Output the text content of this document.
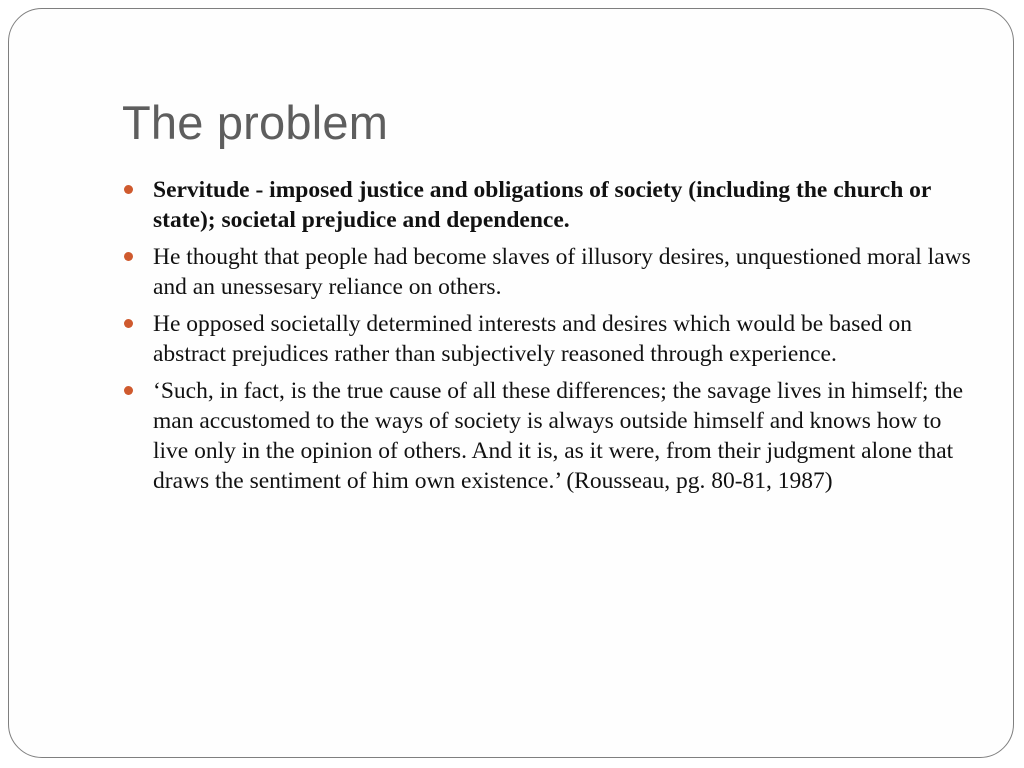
The problem
Servitude - imposed justice and obligations of society (including the church or state); societal prejudice and dependence.
He thought that people had become slaves of illusory desires, unquestioned moral laws and an unessesary reliance on others.
He opposed societally determined interests and desires which would be based on abstract prejudices rather than subjectively reasoned through experience.
‘Such, in fact, is the true cause of all these differences; the savage lives in himself; the man accustomed to the ways of society is always outside himself and knows how to live only in the opinion of others. And it is, as it were, from their judgment alone that draws the sentiment of him own existence.’ (Rousseau, pg. 80-81, 1987)
